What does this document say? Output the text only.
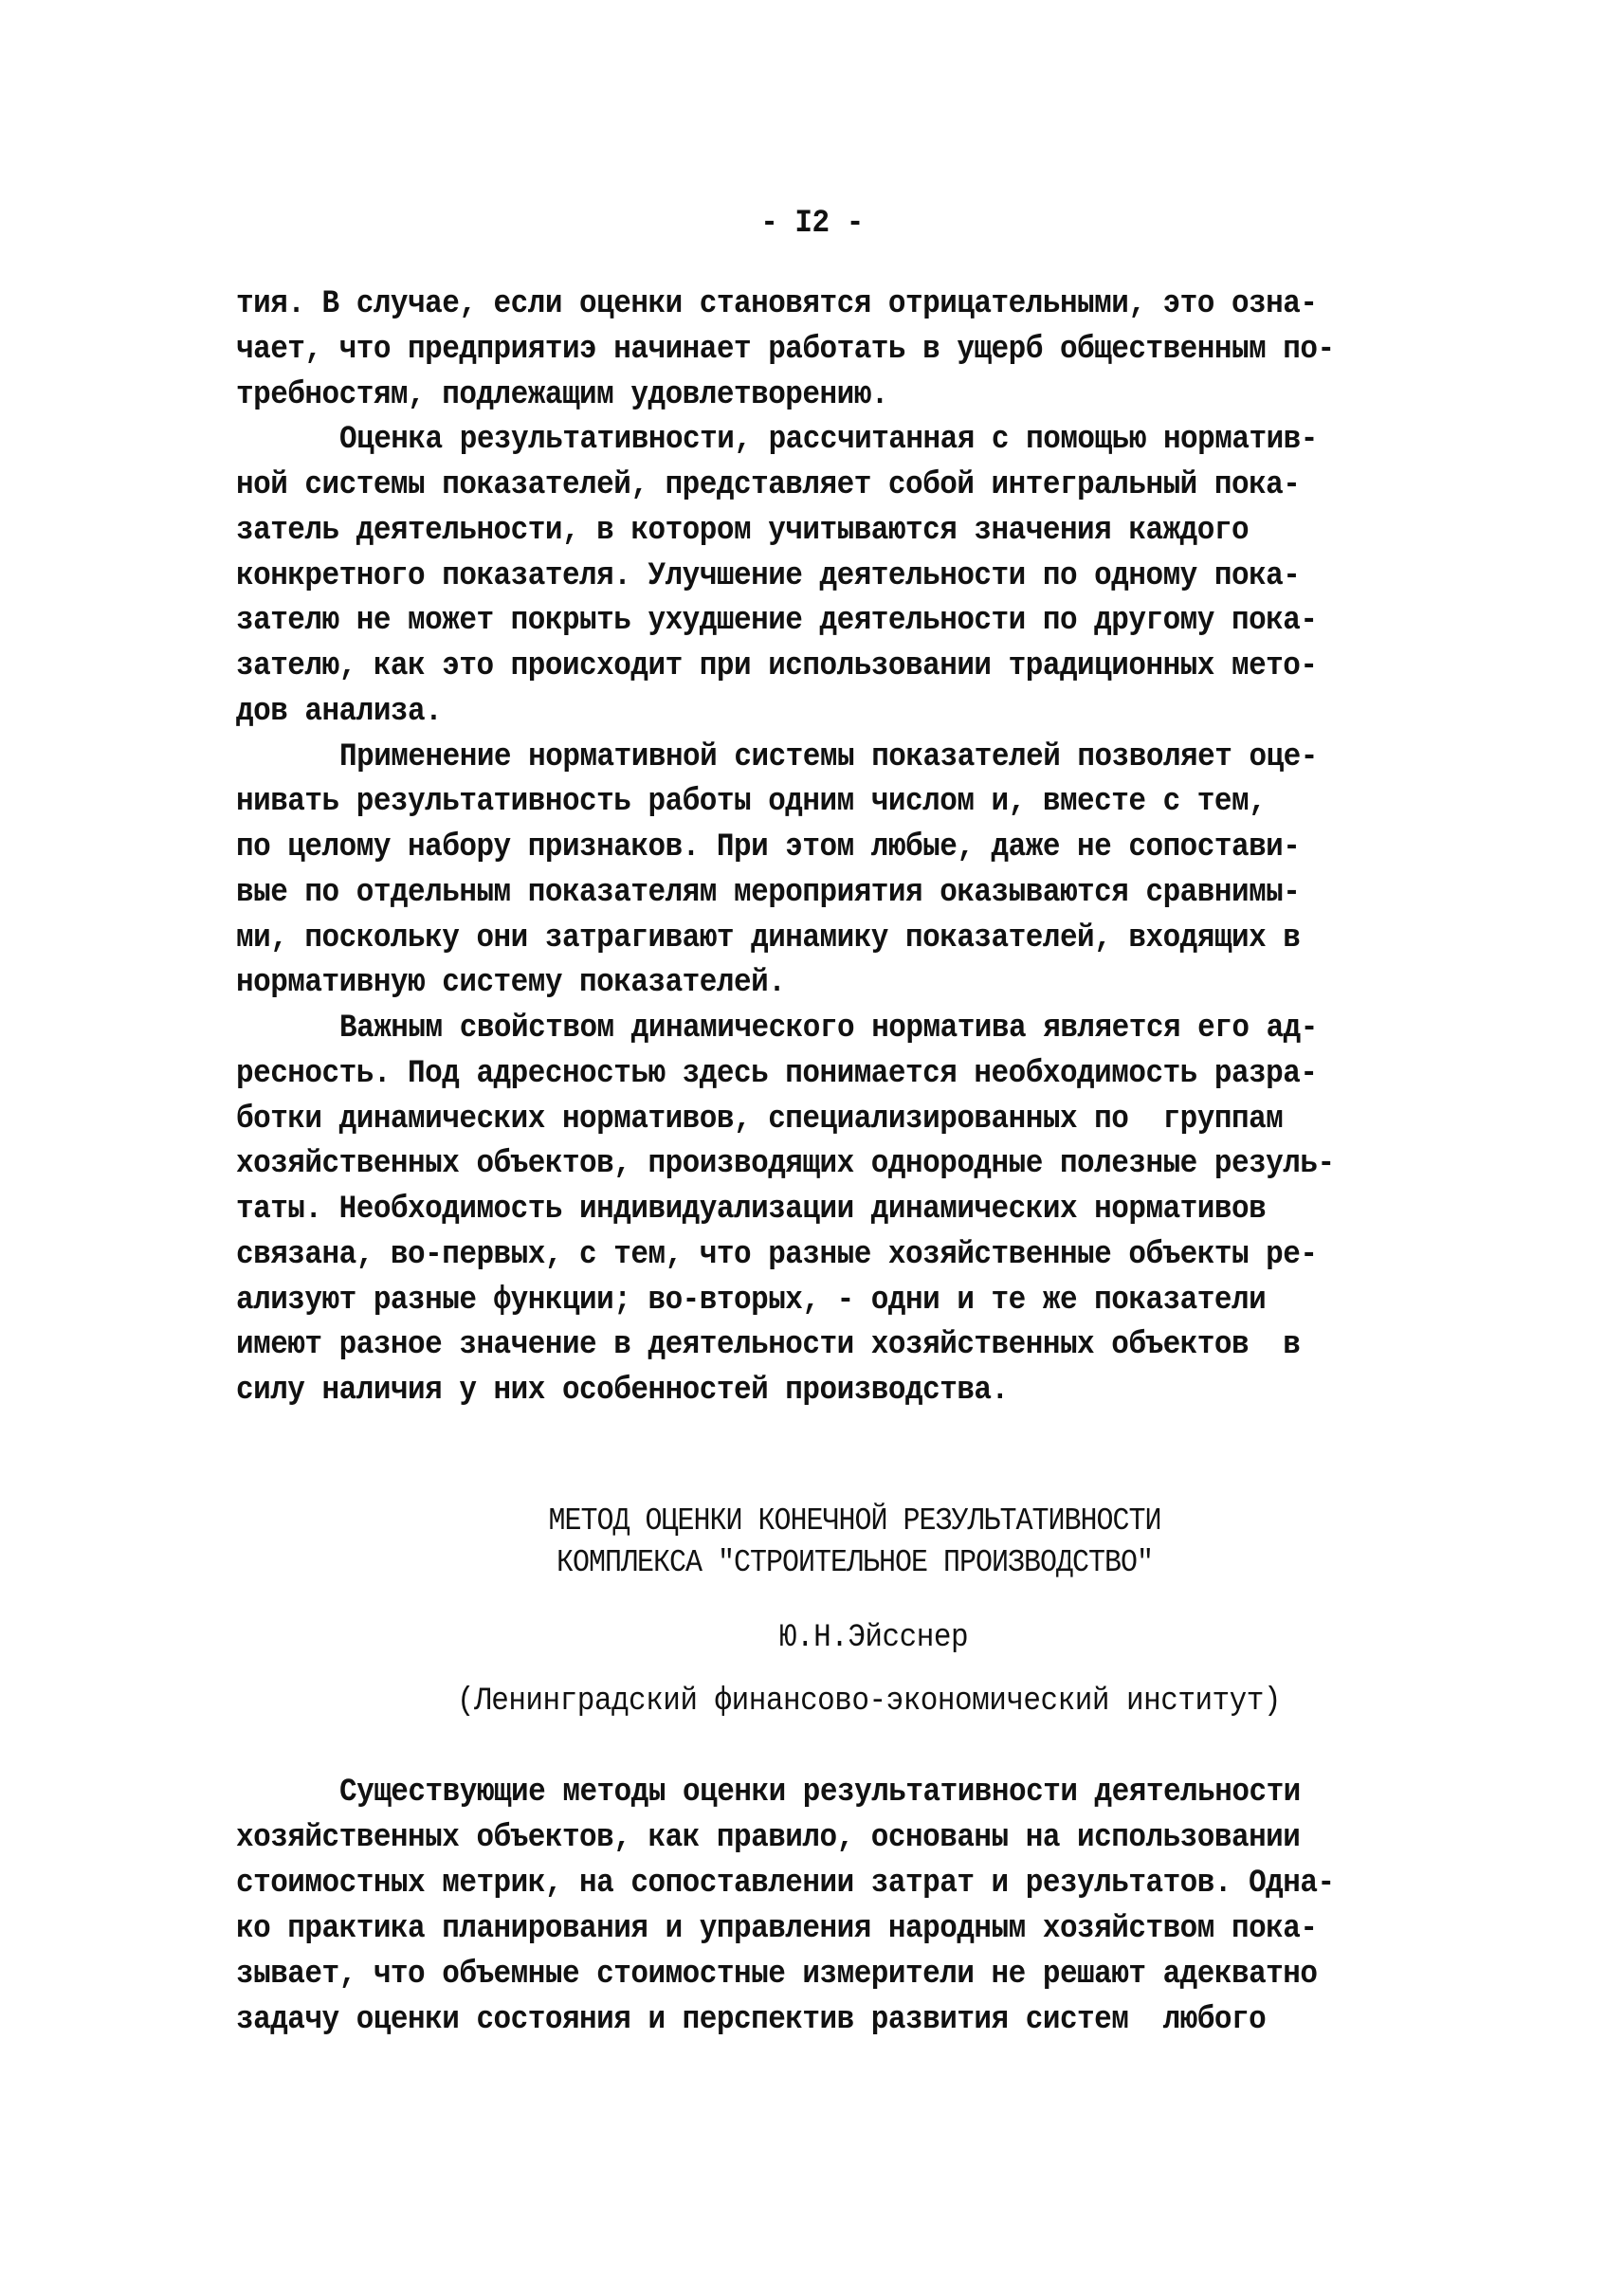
- I2 -
тия. В случае, если оценки становятся отрицательными, это озна-
чает, что предприятиэ начинает работать в ущерб общественным по-
требностям, подлежащим удовлетворению.
Оценка результативности, рассчитанная с помощью норматив-
ной системы показателей, представляет собой интегральный пока-
затель деятельности, в котором учитываются значения каждого
конкретного показателя. Улучшение деятельности по одному пока-
зателю не может покрыть ухудшение деятельности по другому пока-
зателю, как это происходит при использовании традиционных мето-
дов анализа.
Применение нормативной системы показателей позволяет оце-
нивать результативность работы одним числом и, вместе с тем,
по целому набору признаков. При этом любые, даже не сопостави-
вые по отдельным показателям мероприятия оказываются сравнимы-
ми, поскольку они затрагивают динамику показателей, входящих в
нормативную систему показателей.
Важным свойством динамического норматива является его ад-
ресность. Под адресностью здесь понимается необходимость разра-
ботки динамических нормативов, специализированных по  группам
хозяйственных объектов, производящих однородные полезные резуль-
таты. Необходимость индивидуализации динамических нормативов
связана, во-первых, с тем, что разные хозяйственные объекты ре-
ализуют разные функции; во-вторых, - одни и те же показатели
имеют разное значение в деятельности хозяйственных объектов  в
силу наличия у них особенностей производства.
МЕТОД ОЦЕНКИ КОНЕЧНОЙ РЕЗУЛЬТАТИВНОСТИ
КОМПЛЕКСА "СТРОИТЕЛЬНОЕ ПРОИЗВОДСТВО"
Ю.Н.Эйсснер
(Ленинградский финансово-экономический институт)
Существующие методы оценки результативности деятельности
хозяйственных объектов, как правило, основаны на использовании
стоимостных метрик, на сопоставлении затрат и результатов. Одна-
ко практика планирования и управления народным хозяйством пока-
зывает, что объемные стоимостные измерители не решают адекватно
задачу оценки состояния и перспектив развития систем  любого
